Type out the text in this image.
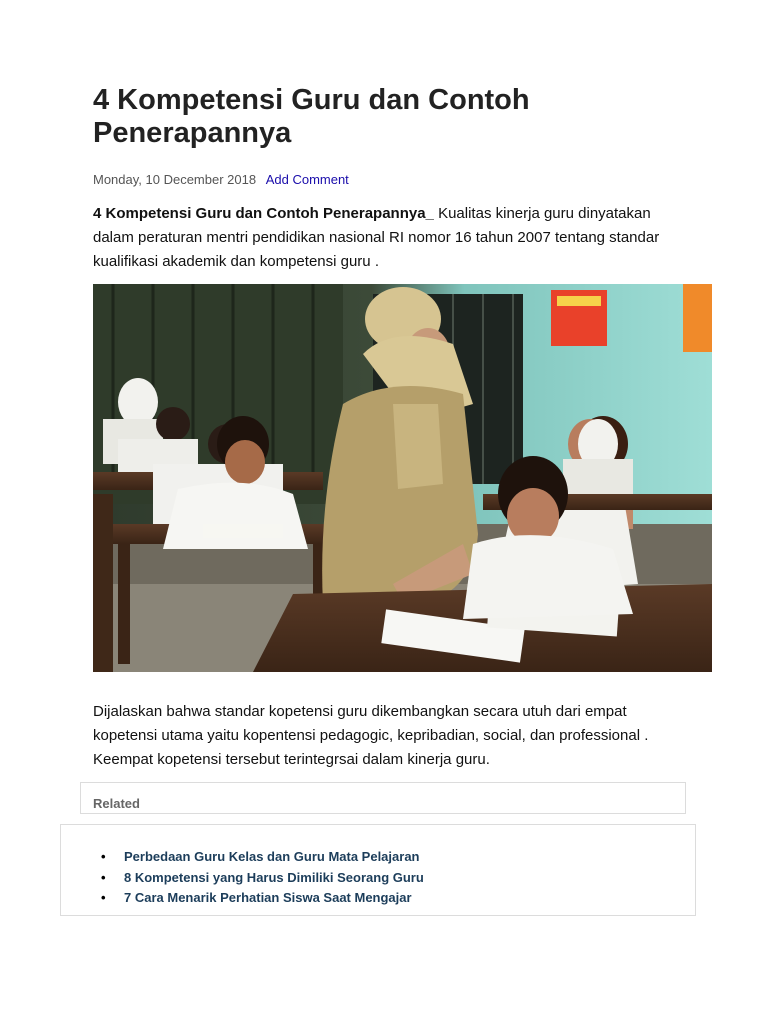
4 Kompetensi Guru dan Contoh Penerapannya
Monday, 10 December 2018 Add Comment

4 Kompetensi Guru dan Contoh Penerapannya_ Kualitas kinerja guru dinyatakan dalam peraturan mentri pendidikan nasional RI nomor 16 tahun 2007 tentang standar kualifikasi akademik dan kompetensi guru .

Dijalaskan bahwa standar kopetensi guru dikembangkan secara utuh dari empat kopetensi utama yaitu kopentensi pedagogic, kepribadian, social, dan professional . Keempat kopetensi tersebut terintegrsai dalam kinerja guru.

Related
• Perbedaan Guru Kelas dan Guru Mata Pelajaran
• 8 Kompetensi yang Harus Dimiliki Seorang Guru
• 7 Cara Menarik Perhatian Siswa Saat Mengajar
